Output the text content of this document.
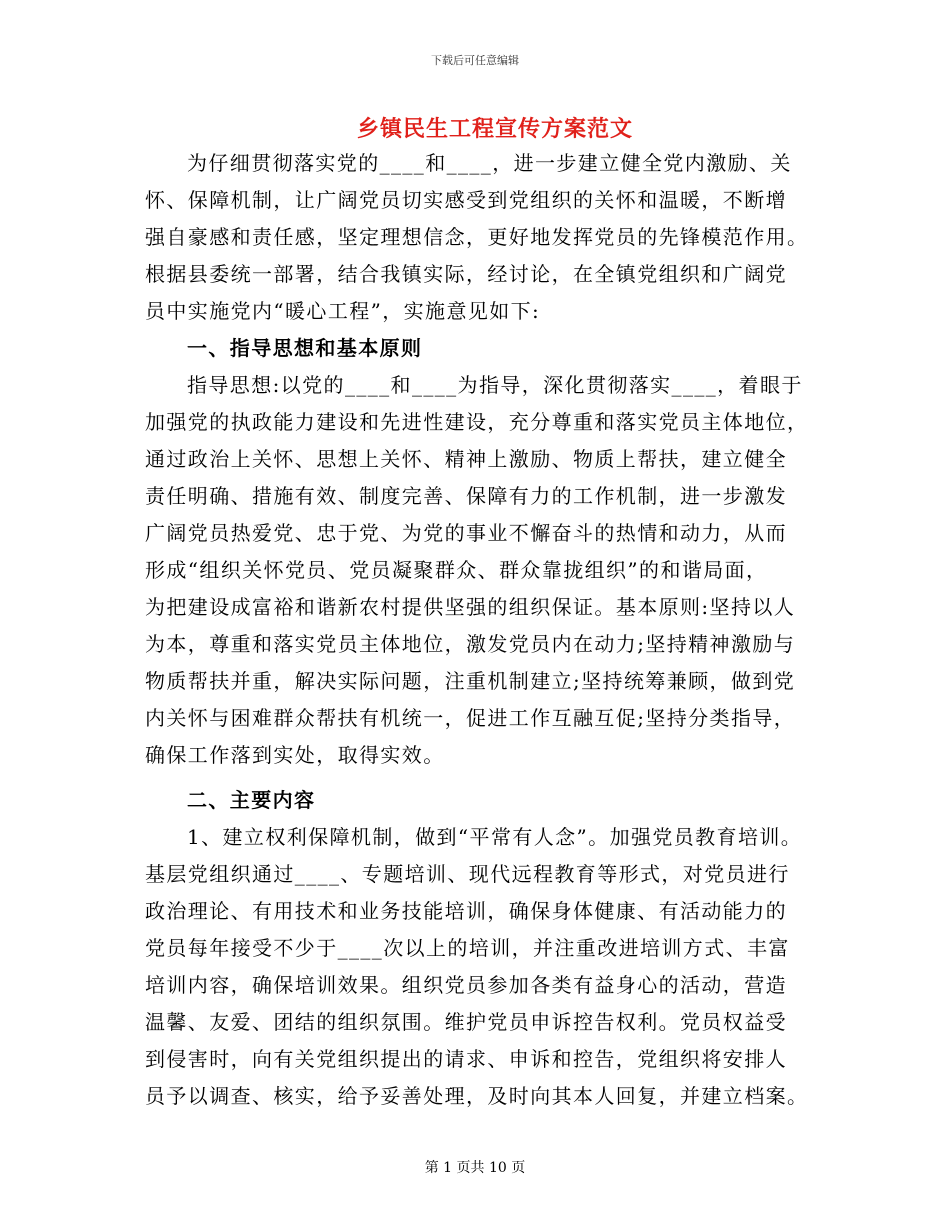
下载后可任意编辑
乡镇民生工程宣传方案范文
为仔细贯彻落实党的____和____，进一步建立健全党内激励、关
怀、保障机制，让广阔党员切实感受到党组织的关怀和温暖，不断增
强自豪感和责任感，坚定理想信念，更好地发挥党员的先锋模范作用。
根据县委统一部署，结合我镇实际，经讨论，在全镇党组织和广阔党
员中实施党内“暖心工程”，实施意见如下:
一、指导思想和基本原则
指导思想:以党的____和____为指导，深化贯彻落实____，着眼于
加强党的执政能力建设和先进性建设，充分尊重和落实党员主体地位，
通过政治上关怀、思想上关怀、精神上激励、物质上帮扶，建立健全
责任明确、措施有效、制度完善、保障有力的工作机制，进一步激发
广阔党员热爱党、忠于党、为党的事业不懈奋斗的热情和动力，从而
形成“组织关怀党员、党员凝聚群众、群众靠拢组织”的和谐局面，
为把建设成富裕和谐新农村提供坚强的组织保证。基本原则:坚持以人
为本，尊重和落实党员主体地位，激发党员内在动力;坚持精神激励与
物质帮扶并重，解决实际问题，注重机制建立;坚持统筹兼顾，做到党
内关怀与困难群众帮扶有机统一，促进工作互融互促;坚持分类指导，
确保工作落到实处，取得实效。
二、主要内容
1、建立权利保障机制，做到“平常有人念”。加强党员教育培训。
基层党组织通过____、专题培训、现代远程教育等形式，对党员进行
政治理论、有用技术和业务技能培训，确保身体健康、有活动能力的
党员每年接受不少于____次以上的培训，并注重改进培训方式、丰富
培训内容，确保培训效果。组织党员参加各类有益身心的活动，营造
温馨、友爱、团结的组织氛围。维护党员申诉控告权利。党员权益受
到侵害时，向有关党组织提出的请求、申诉和控告，党组织将安排人
员予以调查、核实，给予妥善处理，及时向其本人回复，并建立档案。
第 1 页共 10 页
